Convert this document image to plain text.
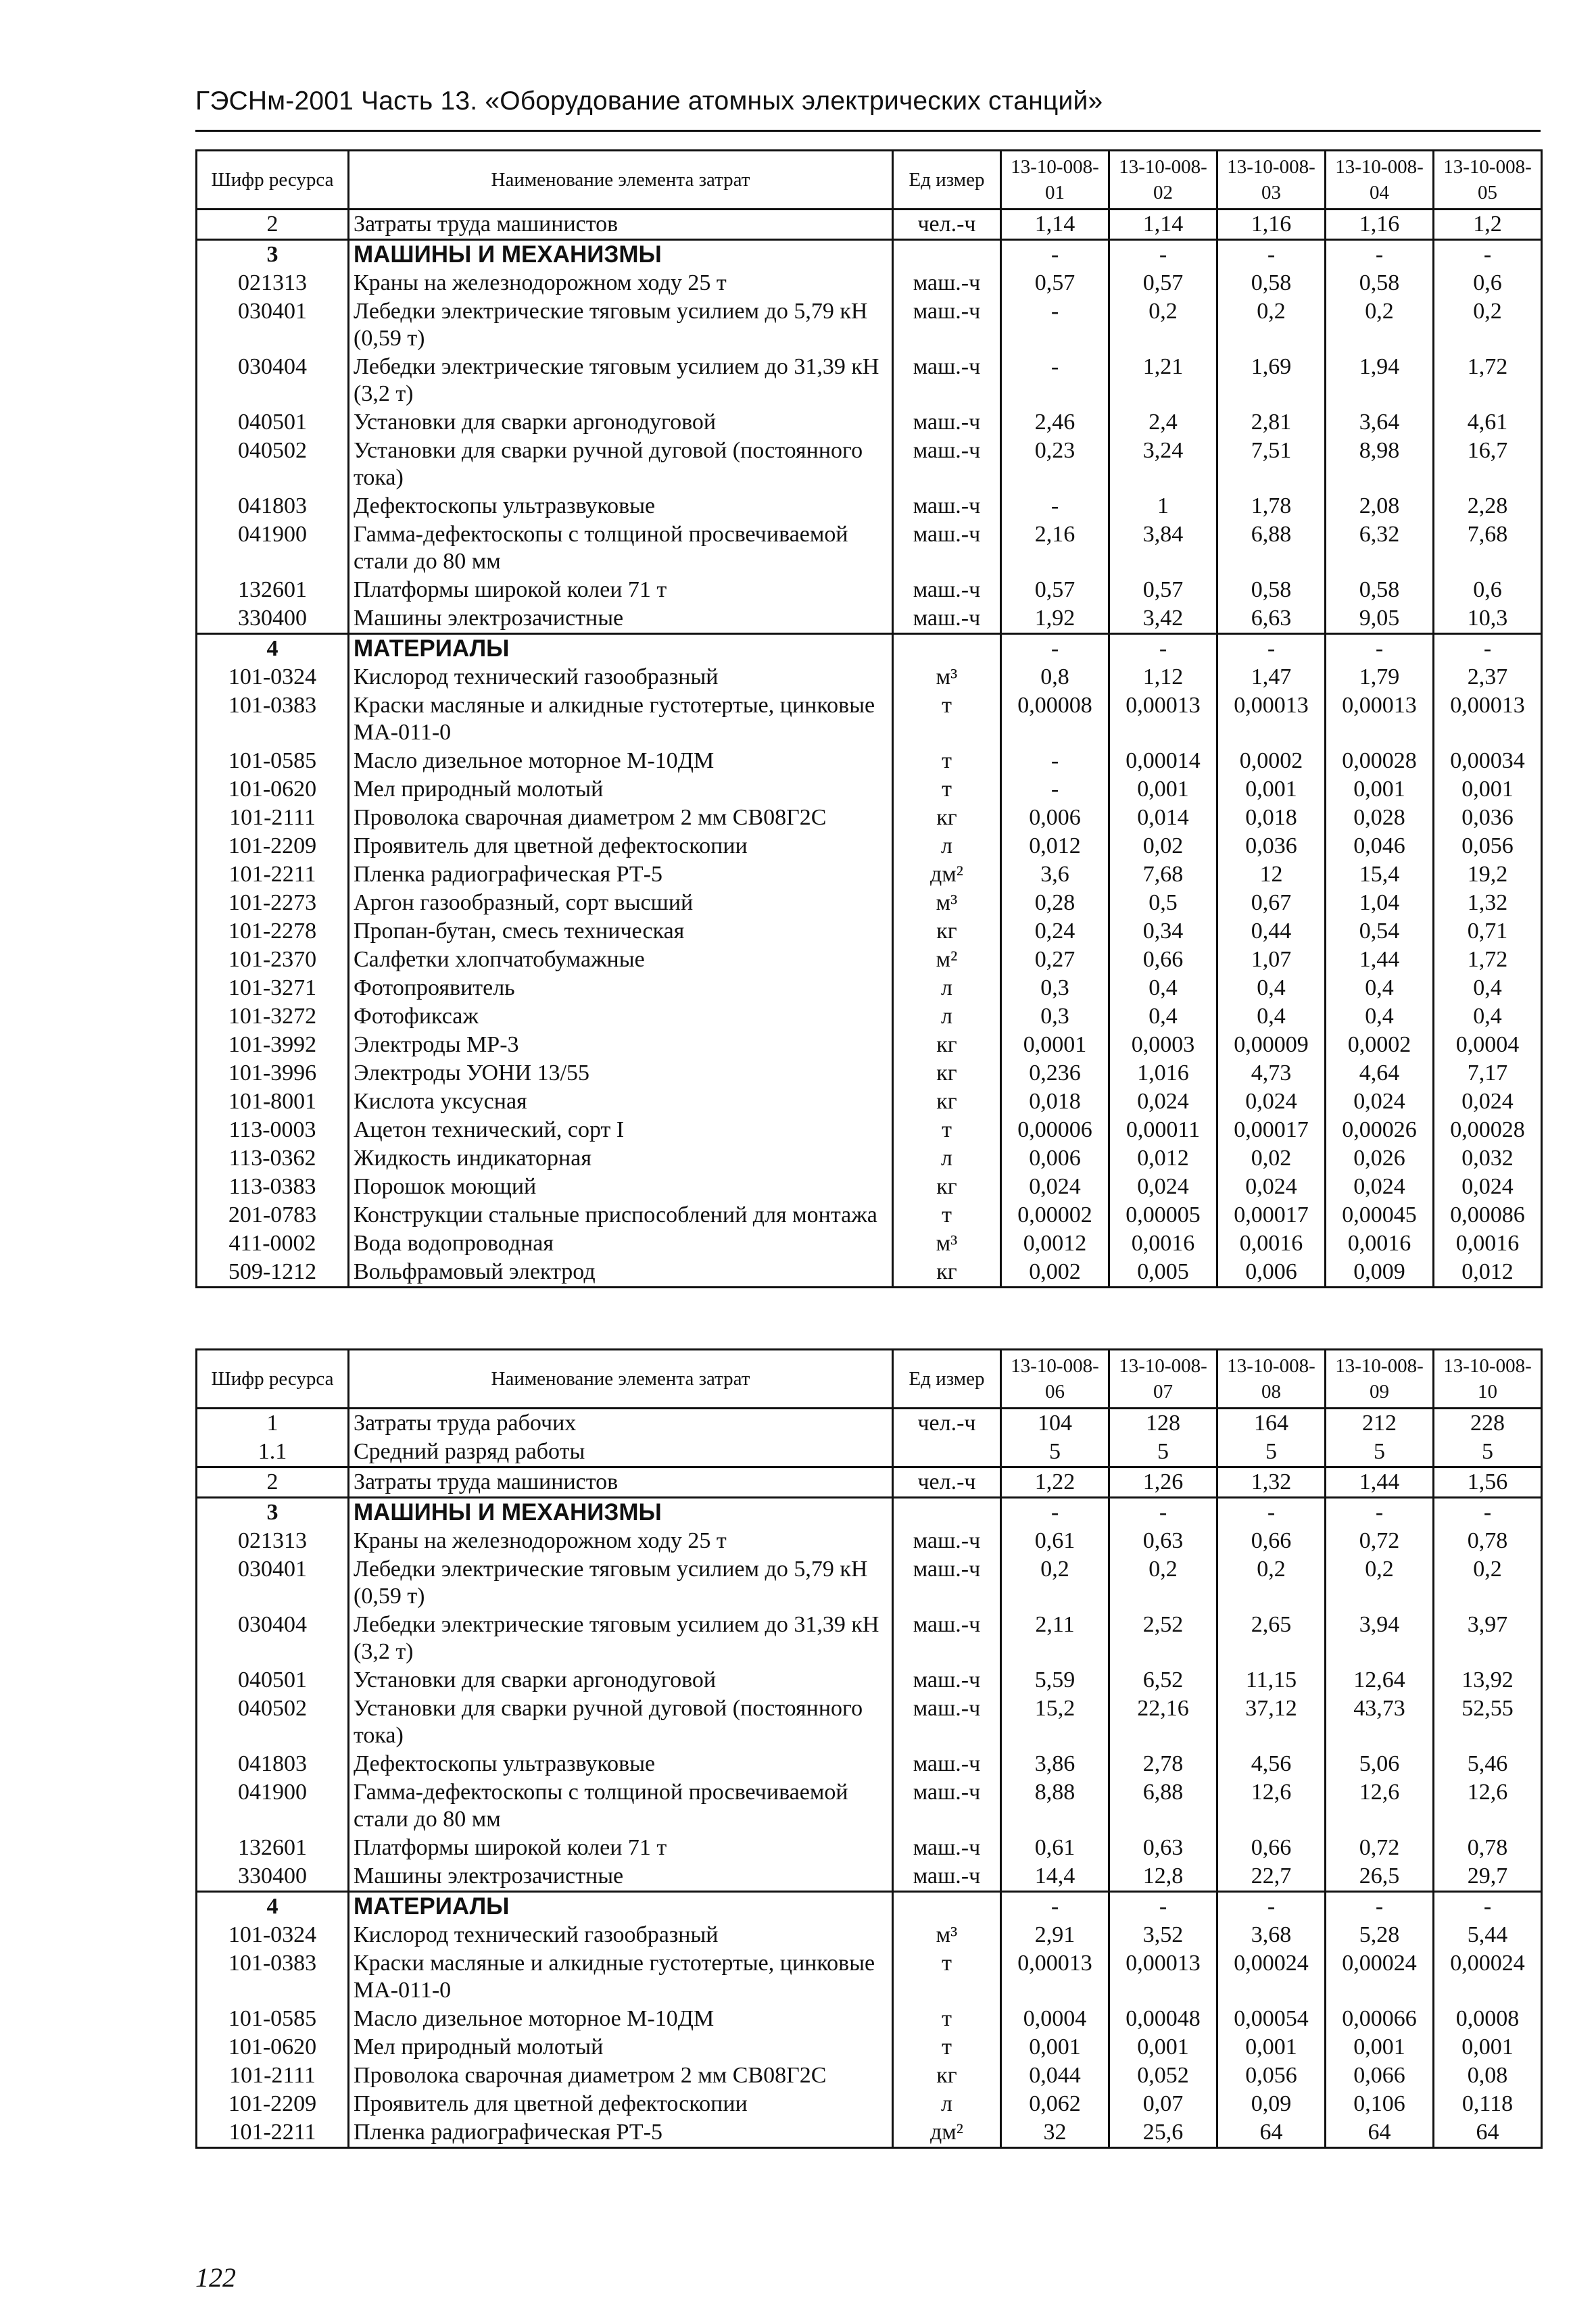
ГЭСНм-2001 Часть 13. «Оборудование атомных электрических станций»
Шифр ресурса	Наименование элемента затрат	Ед измер	13-10-008-01	13-10-008-02	13-10-008-03	13-10-008-04	13-10-008-05
2	Затраты труда машинистов	чел.-ч	1,14	1,14	1,16	1,16	1,2
3	МАШИНЫ И МЕХАНИЗМЫ		-	-	-	-	-
021313	Краны на железнодорожном ходу 25 т	маш.-ч	0,57	0,57	0,58	0,58	0,6
030401	Лебедки электрические тяговым усилием до 5,79 кН (0,59 т)	маш.-ч	-	0,2	0,2	0,2	0,2
030404	Лебедки электрические тяговым усилием до 31,39 кН (3,2 т)	маш.-ч	-	1,21	1,69	1,94	1,72
040501	Установки для сварки аргонодуговой	маш.-ч	2,46	2,4	2,81	3,64	4,61
040502	Установки для сварки ручной дуговой (постоянного тока)	маш.-ч	0,23	3,24	7,51	8,98	16,7
041803	Дефектоскопы ультразвуковые	маш.-ч	-	1	1,78	2,08	2,28
041900	Гамма-дефектоскопы с толщиной просвечиваемой стали до 80 мм	маш.-ч	2,16	3,84	6,88	6,32	7,68
132601	Платформы широкой колеи 71 т	маш.-ч	0,57	0,57	0,58	0,58	0,6
330400	Машины электрозачистные	маш.-ч	1,92	3,42	6,63	9,05	10,3
4	МАТЕРИАЛЫ		-	-	-	-	-
101-0324	Кислород технический газообразный	м³	0,8	1,12	1,47	1,79	2,37
101-0383	Краски масляные и алкидные густотертые, цинковые МА-011-0	т	0,00008	0,00013	0,00013	0,00013	0,00013
101-0585	Масло дизельное моторное М-10ДМ	т	-	0,00014	0,0002	0,00028	0,00034
101-0620	Мел природный молотый	т	-	0,001	0,001	0,001	0,001
101-2111	Проволока сварочная диаметром 2 мм СВ08Г2С	кг	0,006	0,014	0,018	0,028	0,036
101-2209	Проявитель для цветной дефектоскопии	л	0,012	0,02	0,036	0,046	0,056
101-2211	Пленка радиографическая РТ-5	дм²	3,6	7,68	12	15,4	19,2
101-2273	Аргон газообразный, сорт высший	м³	0,28	0,5	0,67	1,04	1,32
101-2278	Пропан-бутан, смесь техническая	кг	0,24	0,34	0,44	0,54	0,71
101-2370	Салфетки хлопчатобумажные	м²	0,27	0,66	1,07	1,44	1,72
101-3271	Фотопроявитель	л	0,3	0,4	0,4	0,4	0,4
101-3272	Фотофиксаж	л	0,3	0,4	0,4	0,4	0,4
101-3992	Электроды МР-3	кг	0,0001	0,0003	0,00009	0,0002	0,0004
101-3996	Электроды УОНИ 13/55	кг	0,236	1,016	4,73	4,64	7,17
101-8001	Кислота уксусная	кг	0,018	0,024	0,024	0,024	0,024
113-0003	Ацетон технический, сорт I	т	0,00006	0,00011	0,00017	0,00026	0,00028
113-0362	Жидкость индикаторная	л	0,006	0,012	0,02	0,026	0,032
113-0383	Порошок моющий	кг	0,024	0,024	0,024	0,024	0,024
201-0783	Конструкции стальные приспособлений для монтажа	т	0,00002	0,00005	0,00017	0,00045	0,00086
411-0002	Вода водопроводная	м³	0,0012	0,0016	0,0016	0,0016	0,0016
509-1212	Вольфрамовый электрод	кг	0,002	0,005	0,006	0,009	0,012
Шифр ресурса	Наименование элемента затрат	Ед измер	13-10-008-06	13-10-008-07	13-10-008-08	13-10-008-09	13-10-008-10
1	Затраты труда рабочих	чел.-ч	104	128	164	212	228
1.1	Средний разряд работы		5	5	5	5	5
2	Затраты труда машинистов	чел.-ч	1,22	1,26	1,32	1,44	1,56
3	МАШИНЫ И МЕХАНИЗМЫ		-	-	-	-	-
021313	Краны на железнодорожном ходу 25 т	маш.-ч	0,61	0,63	0,66	0,72	0,78
030401	Лебедки электрические тяговым усилием до 5,79 кН (0,59 т)	маш.-ч	0,2	0,2	0,2	0,2	0,2
030404	Лебедки электрические тяговым усилием до 31,39 кН (3,2 т)	маш.-ч	2,11	2,52	2,65	3,94	3,97
040501	Установки для сварки аргонодуговой	маш.-ч	5,59	6,52	11,15	12,64	13,92
040502	Установки для сварки ручной дуговой (постоянного тока)	маш.-ч	15,2	22,16	37,12	43,73	52,55
041803	Дефектоскопы ультразвуковые	маш.-ч	3,86	2,78	4,56	5,06	5,46
041900	Гамма-дефектоскопы с толщиной просвечиваемой стали до 80 мм	маш.-ч	8,88	6,88	12,6	12,6	12,6
132601	Платформы широкой колеи 71 т	маш.-ч	0,61	0,63	0,66	0,72	0,78
330400	Машины электрозачистные	маш.-ч	14,4	12,8	22,7	26,5	29,7
4	МАТЕРИАЛЫ		-	-	-	-	-
101-0324	Кислород технический газообразный	м³	2,91	3,52	3,68	5,28	5,44
101-0383	Краски масляные и алкидные густотертые, цинковые МА-011-0	т	0,00013	0,00013	0,00024	0,00024	0,00024
101-0585	Масло дизельное моторное М-10ДМ	т	0,0004	0,00048	0,00054	0,00066	0,0008
101-0620	Мел природный молотый	т	0,001	0,001	0,001	0,001	0,001
101-2111	Проволока сварочная диаметром 2 мм СВ08Г2С	кг	0,044	0,052	0,056	0,066	0,08
101-2209	Проявитель для цветной дефектоскопии	л	0,062	0,07	0,09	0,106	0,118
101-2211	Пленка радиографическая РТ-5	дм²	32	25,6	64	64	64
122
